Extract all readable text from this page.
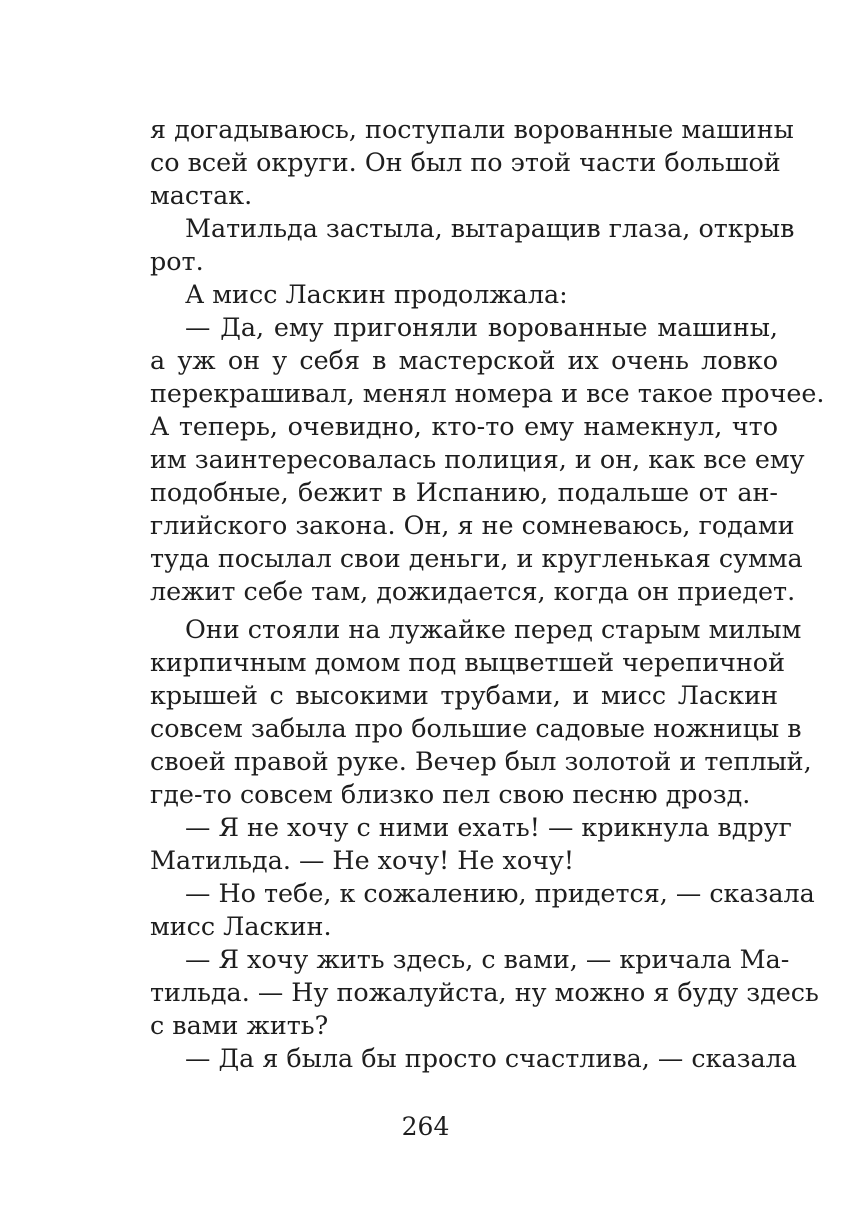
я догадываюсь, поступали ворованные машины
со всей округи. Он был по этой части большой
мастак.
Матильда застыла, вытаращив глаза, открыв
рот.
А мисс Ласкин продолжала:
— Да, ему пригоняли ворованные машины,
а уж он у себя в мастерской их очень ловко
перекрашивал, менял номера и все такое прочее.
А теперь, очевидно, кто-то ему намекнул, что
им заинтересовалась полиция, и он, как все ему
подобные, бежит в Испанию, подальше от ан-
глийского закона. Он, я не сомневаюсь, годами
туда посылал свои деньги, и кругленькая сумма
лежит себе там, дожидается, когда он приедет.
Они стояли на лужайке перед старым милым
кирпичным домом под выцветшей черепичной
крышей с высокими трубами, и мисс Ласкин
совсем забыла про большие садовые ножницы в
своей правой руке. Вечер был золотой и теплый,
где-то совсем близко пел свою песню дрозд.
— Я не хочу с ними ехать! — крикнула вдруг
Матильда. — Не хочу! Не хочу!
— Но тебе, к сожалению, придется, — сказала
мисс Ласкин.
— Я хочу жить здесь, с вами, — кричала Ма-
тильда. — Ну пожалуйста, ну можно я буду здесь
с вами жить?
— Да я была бы просто счастлива, — сказала
264
